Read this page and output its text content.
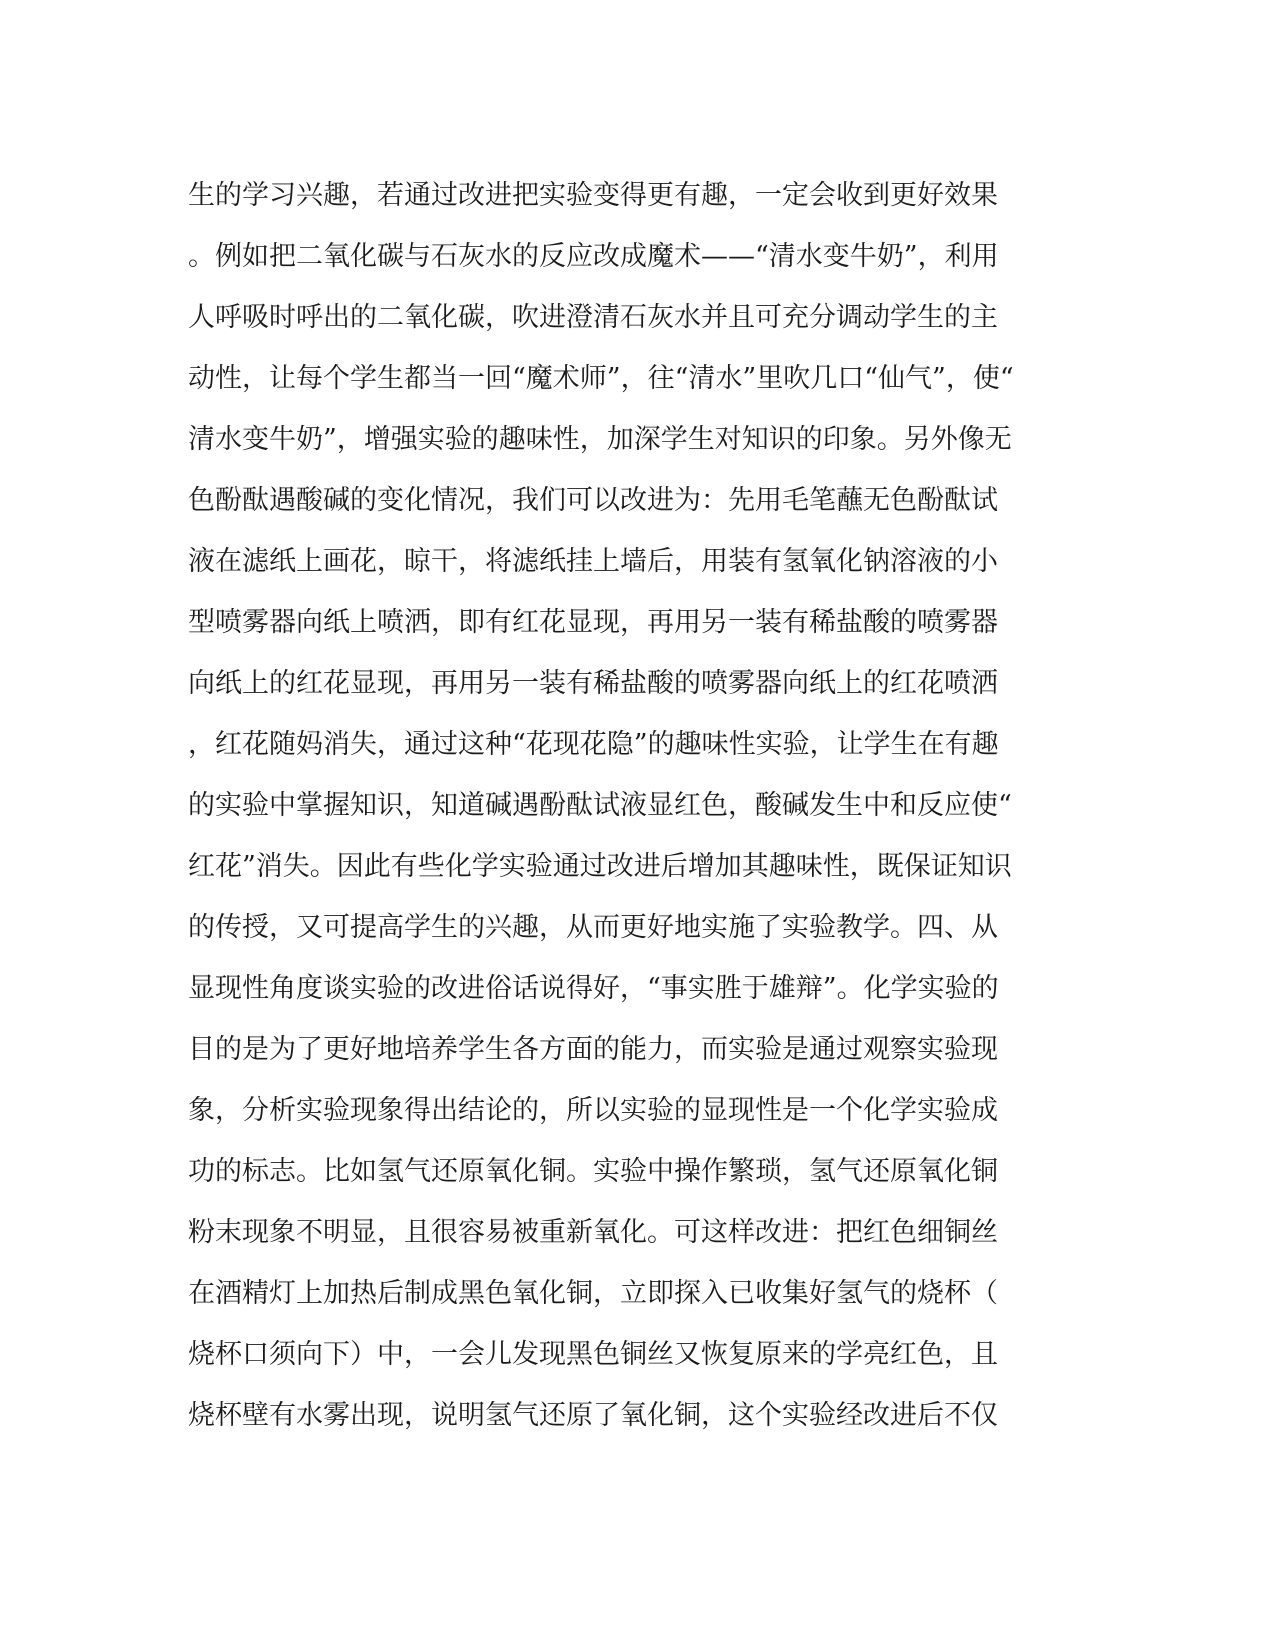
生的学习兴趣，若通过改进把实验变得更有趣，一定会收到更好效果
。例如把二氧化碳与石灰水的反应改成魔术——“清水变牛奶”，利用
人呼吸时呼出的二氧化碳，吹进澄清石灰水并且可充分调动学生的主
动性，让每个学生都当一回“魔术师”，往“清水”里吹几口“仙气”，使“
清水变牛奶”，增强实验的趣味性，加深学生对知识的印象。另外像无
色酚酞遇酸碱的变化情况，我们可以改进为：先用毛笔蘸无色酚酞试
液在滤纸上画花，晾干，将滤纸挂上墙后，用装有氢氧化钠溶液的小
型喷雾器向纸上喷洒，即有红花显现，再用另一装有稀盐酸的喷雾器
向纸上的红花显现，再用另一装有稀盐酸的喷雾器向纸上的红花喷洒
，红花随妈消失，通过这种“花现花隐”的趣味性实验，让学生在有趣
的实验中掌握知识，知道碱遇酚酞试液显红色，酸碱发生中和反应使“
红花”消失。因此有些化学实验通过改进后增加其趣味性，既保证知识
的传授，又可提高学生的兴趣，从而更好地实施了实验教学。四、从
显现性角度谈实验的改进俗话说得好，“事实胜于雄辩”。化学实验的
目的是为了更好地培养学生各方面的能力，而实验是通过观察实验现
象，分析实验现象得出结论的，所以实验的显现性是一个化学实验成
功的标志。比如氢气还原氧化铜。实验中操作繁琐，氢气还原氧化铜
粉末现象不明显，且很容易被重新氧化。可这样改进：把红色细铜丝
在酒精灯上加热后制成黑色氧化铜，立即探入已收集好氢气的烧杯（
烧杯口须向下）中，一会儿发现黑色铜丝又恢复原来的学亮红色，且
烧杯壁有水雾出现，说明氢气还原了氧化铜，这个实验经改进后不仅
